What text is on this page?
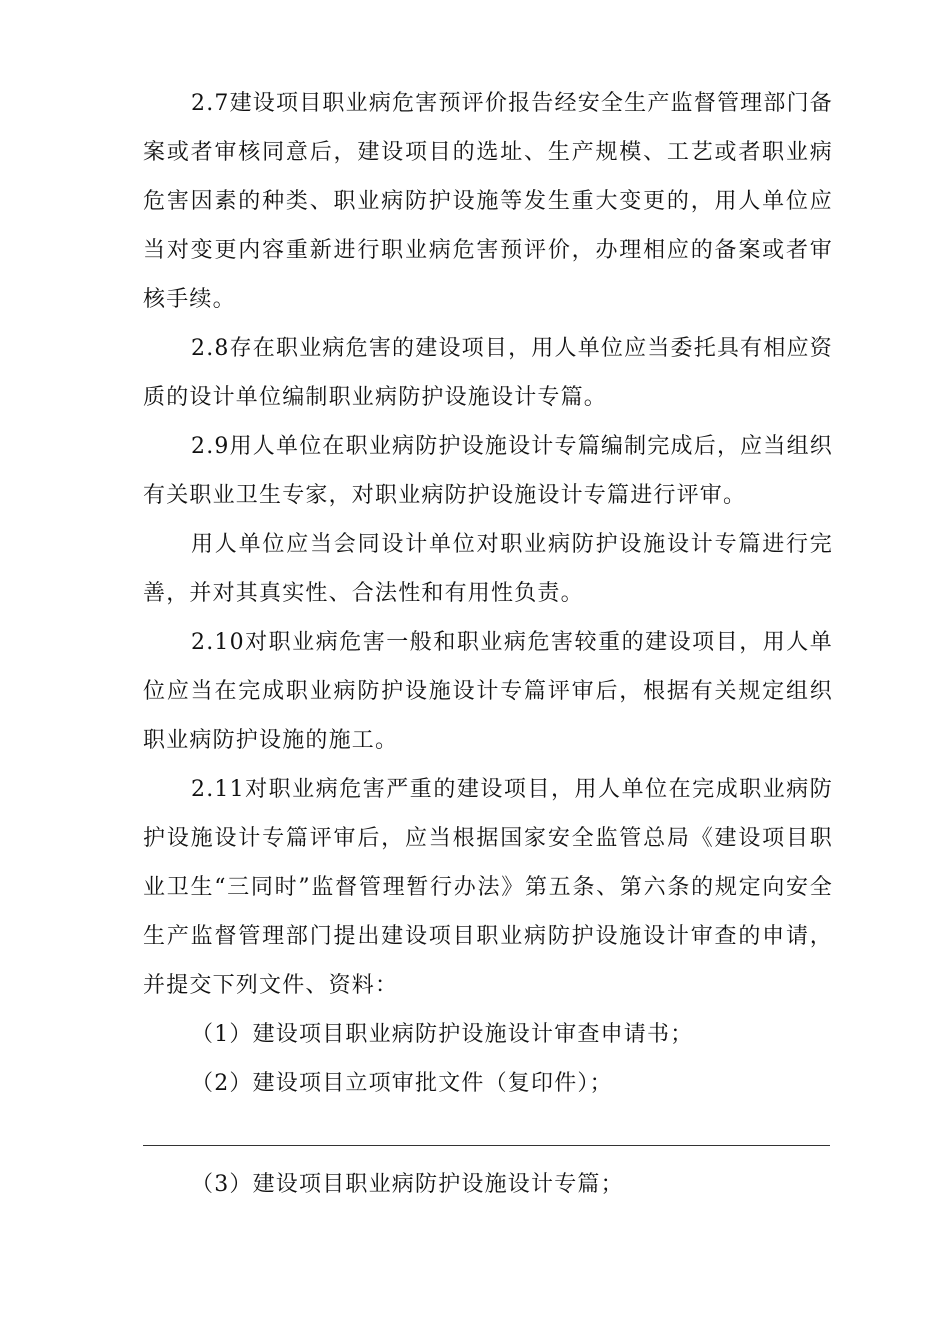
2.7建设项目职业病危害预评价报告经安全生产监督管理部门备案或者审核同意后，建设项目的选址、生产规模、工艺或者职业病危害因素的种类、职业病防护设施等发生重大变更的，用人单位应当对变更内容重新进行职业病危害预评价，办理相应的备案或者审核手续。

2.8存在职业病危害的建设项目，用人单位应当委托具有相应资质的设计单位编制职业病防护设施设计专篇。

2.9用人单位在职业病防护设施设计专篇编制完成后，应当组织有关职业卫生专家，对职业病防护设施设计专篇进行评审。

用人单位应当会同设计单位对职业病防护设施设计专篇进行完善，并对其真实性、合法性和有用性负责。

2.10对职业病危害一般和职业病危害较重的建设项目，用人单位应当在完成职业病防护设施设计专篇评审后，根据有关规定组织职业病防护设施的施工。

2.11对职业病危害严重的建设项目，用人单位在完成职业病防护设施设计专篇评审后，应当根据国家安全监管总局《建设项目职业卫生“三同时”监督管理暂行办法》第五条、第六条的规定向安全生产监督管理部门提出建设项目职业病防护设施设计审查的申请，并提交下列文件、资料：

（1）建设项目职业病防护设施设计审查申请书；

（2）建设项目立项审批文件（复印件）；

（3）建设项目职业病防护设施设计专篇；
